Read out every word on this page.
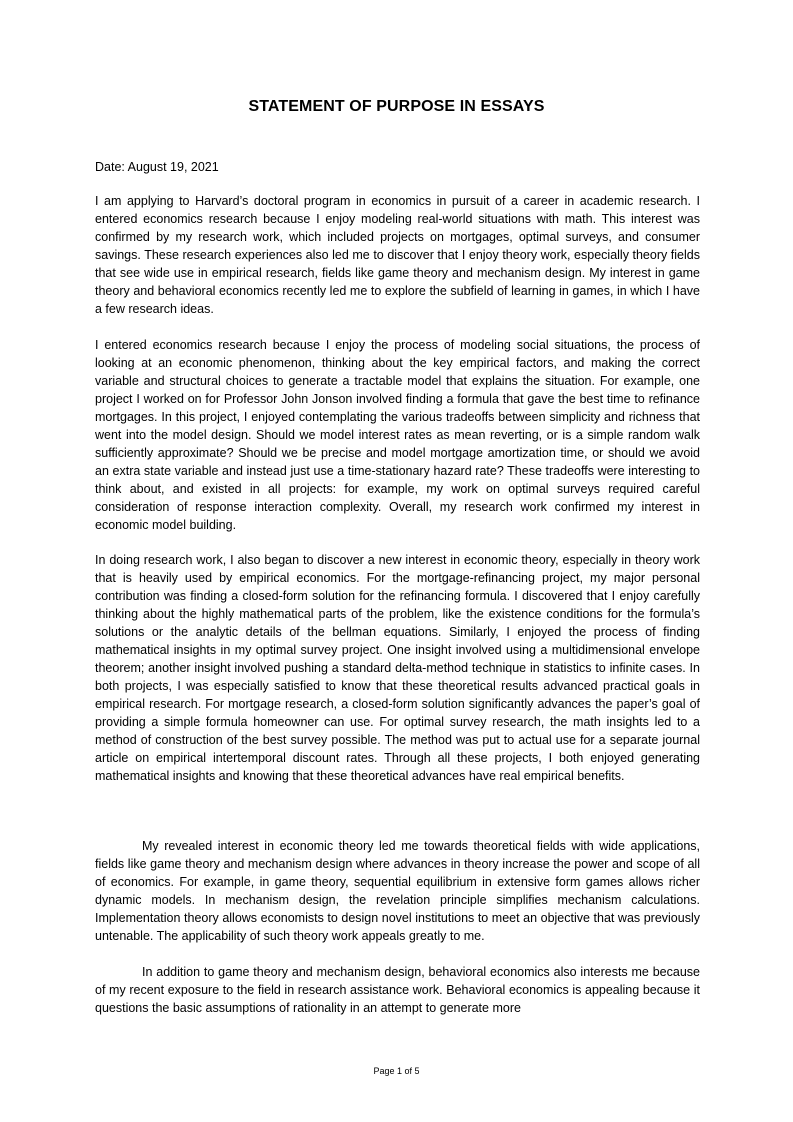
STATEMENT OF PURPOSE IN ESSAYS
Date: August 19, 2021

I am applying to Harvard’s doctoral program in economics in pursuit of a career in academic research. I entered economics research because I enjoy modeling real-world situations with math. This interest was confirmed by my research work, which included projects on mortgages, optimal surveys, and consumer savings. These research experiences also led me to discover that I enjoy theory work, especially theory fields that see wide use in empirical research, fields like game theory and mechanism design. My interest in game theory and behavioral economics recently led me to explore the subfield of learning in games, in which I have a few research ideas.

I entered economics research because I enjoy the process of modeling social situations, the process of looking at an economic phenomenon, thinking about the key empirical factors, and making the correct variable and structural choices to generate a tractable model that explains the situation. For example, one project I worked on for Professor John Jonson involved finding a formula that gave the best time to refinance mortgages. In this project, I enjoyed contemplating the various tradeoffs between simplicity and richness that went into the model design. Should we model interest rates as mean reverting, or is a simple random walk sufficiently approximate? Should we be precise and model mortgage amortization time, or should we avoid an extra state variable and instead just use a time-stationary hazard rate? These tradeoffs were interesting to think about, and existed in all projects: for example, my work on optimal surveys required careful consideration of response interaction complexity. Overall, my research work confirmed my interest in economic model building.

In doing research work, I also began to discover a new interest in economic theory, especially in theory work that is heavily used by empirical economics. For the mortgage-refinancing project, my major personal contribution was finding a closed-form solution for the refinancing formula. I discovered that I enjoy carefully thinking about the highly mathematical parts of the problem, like the existence conditions for the formula’s solutions or the analytic details of the bellman equations. Similarly, I enjoyed the process of finding mathematical insights in my optimal survey project. One insight involved using a multidimensional envelope theorem; another insight involved pushing a standard delta-method technique in statistics to infinite cases. In both projects, I was especially satisfied to know that these theoretical results advanced practical goals in empirical research. For mortgage research, a closed-form solution significantly advances the paper’s goal of providing a simple formula homeowner can use. For optimal survey research, the math insights led to a method of construction of the best survey possible. The method was put to actual use for a separate journal article on empirical intertemporal discount rates. Through all these projects, I both enjoyed generating mathematical insights and knowing that these theoretical advances have real empirical benefits.

My revealed interest in economic theory led me towards theoretical fields with wide applications, fields like game theory and mechanism design where advances in theory increase the power and scope of all of economics. For example, in game theory, sequential equilibrium in extensive form games allows richer dynamic models. In mechanism design, the revelation principle simplifies mechanism calculations. Implementation theory allows economists to design novel institutions to meet an objective that was previously untenable. The applicability of such theory work appeals greatly to me.

In addition to game theory and mechanism design, behavioral economics also interests me because of my recent exposure to the field in research assistance work. Behavioral economics is appealing because it questions the basic assumptions of rationality in an attempt to generate more

Page 1 of 5
